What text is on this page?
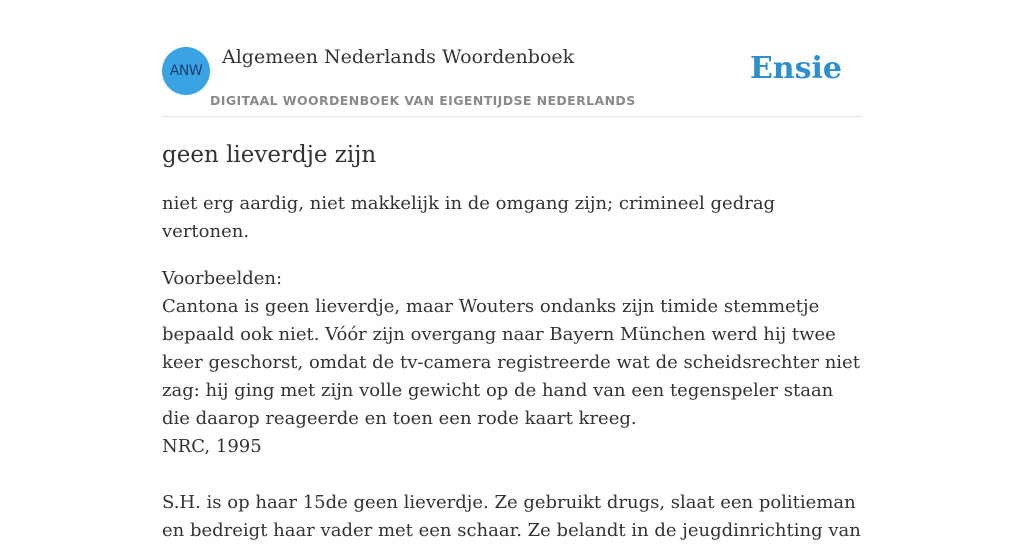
ANW
Algemeen Nederlands Woordenboek
DIGITAAL WOORDENBOEK VAN EIGENTIJDSE NEDERLANDS
Ensie
geen lieverdje zijn

niet erg aardig, niet makkelijk in de omgang zijn; crimineel gedrag vertonen.

Voorbeelden:
Cantona is geen lieverdje, maar Wouters ondanks zijn timide stemmetje bepaald ook niet. Vóór zijn overgang naar Bayern München werd hij twee keer geschorst, omdat de tv-camera registreerde wat de scheidsrechter niet zag: hij ging met zijn volle gewicht op de hand van een tegenspeler staan die daarop reageerde en toen een rode kaart kreeg.
NRC, 1995
S.H. is op haar 15de geen lieverdje. Ze gebruikt drugs, slaat een politieman en bedreigt haar vader met een schaar. Ze belandt in de jeugdinrichting van
